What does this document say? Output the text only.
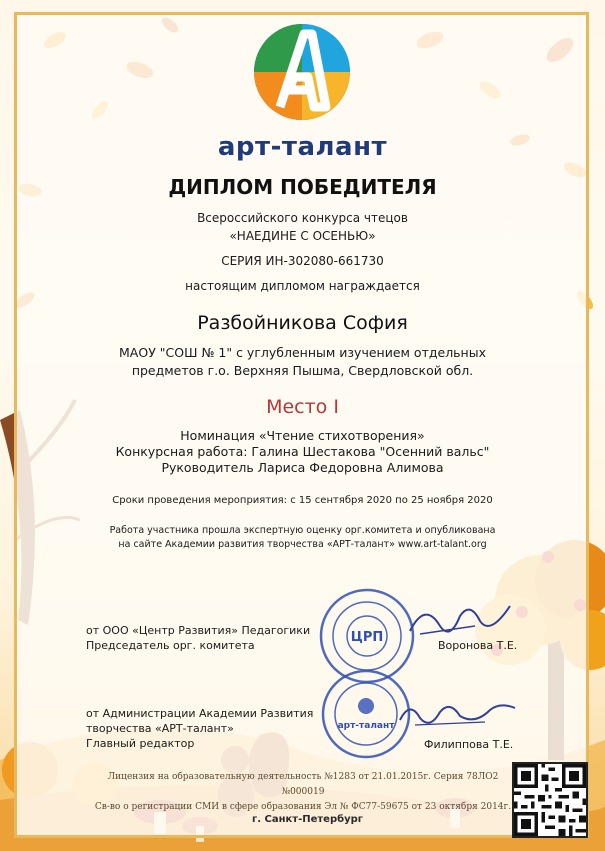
арт-талант
ДИПЛОМ ПОБЕДИТЕЛЯ
Всероссийского конкурса чтецов
«НАЕДИНЕ С ОСЕНЬЮ»
СЕРИЯ ИН-302080-661730
настоящим дипломом награждается
Разбойникова София
МАОУ "СОШ № 1" с углубленным изучением отдельных
предметов г.о. Верхняя Пышма, Свердловской обл.
Место I
Номинация «Чтение стихотворения»
Конкурсная работа: Галина Шестакова "Осенний вальс"
Руководитель Лариса Федоровна Алимова
Сроки проведения мероприятия: с 15 сентября 2020 по 25 ноября 2020
Работа участника прошла экспертную оценку орг.комитета и опубликована
на сайте Академии развития творчества «АРТ-талант» www.art-talant.org
от ООО «Центр Развития» Педагогики
Председатель орг. комитета	Воронова Т.Е.
от Администрации Академии Развития
творчества «АРТ-талант»
Главный редактор	Филиппова Т.Е.
ЦРП
арт-талант
Лицензия на образовательную деятельность №1283 от 21.01.2015г. Серия 78ЛО2 №000019
Св-во о регистрации СМИ в сфере образования Эл № ФС77-59675 от 23 октября 2014г.
г. Санкт-Петербург
